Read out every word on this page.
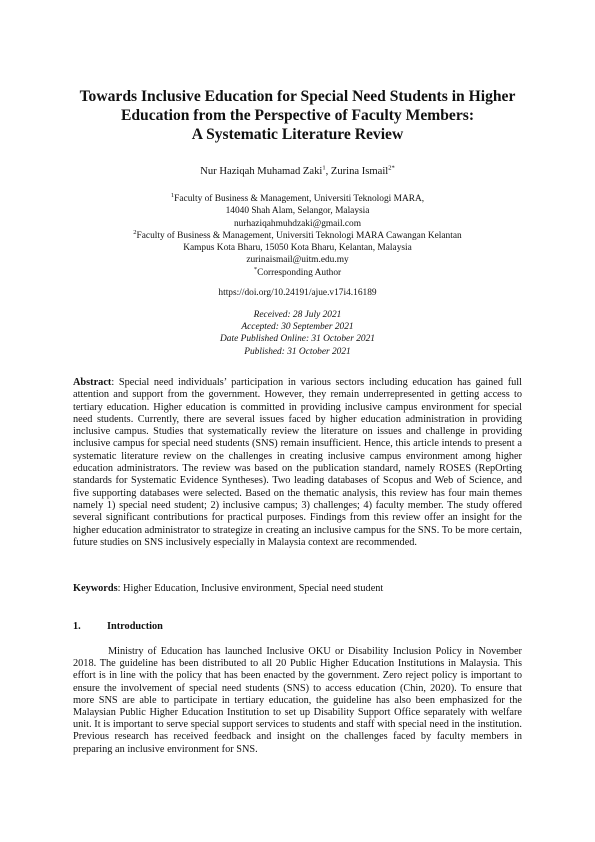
Towards Inclusive Education for Special Need Students in Higher
Education from the Perspective of Faculty Members:
A Systematic Literature Review
Nur Haziqah Muhamad Zaki$^1$, Zurina Ismail$^{2*}$
$^1$Faculty of Business & Management, Universiti Teknologi MARA,
14040 Shah Alam, Selangor, Malaysia
nurhaziqahmuhdzaki@gmail.com
$^2$Faculty of Business & Management, Universiti Teknologi MARA Cawangan Kelantan
Kampus Kota Bharu, 15050 Kota Bharu, Kelantan, Malaysia
zurinaismail@uitm.edu.my
*Corresponding Author
https://doi.org/10.24191/ajue.v17i4.16189
Received: 28 July 2021
Accepted: 30 September 2021
Date Published Online: 31 October 2021
Published: 31 October 2021

Abstract: Special need individuals’ participation in various sectors including education has gained full attention and support from the government. However, they remain underrepresented in getting access to tertiary education. Higher education is committed in providing inclusive campus environment for special need students. Currently, there are several issues faced by higher education administration in providing inclusive campus. Studies that systematically review the literature on issues and challenge in providing inclusive campus for special need students (SNS) remain insufficient. Hence, this article intends to present a systematic literature review on the challenges in creating inclusive campus environment among higher education administrators. The review was based on the publication standard, namely ROSES (RepOrting standards for Systematic Evidence Syntheses). Two leading databases of Scopus and Web of Science, and five supporting databases were selected. Based on the thematic analysis, this review has four main themes namely 1) special need student; 2) inclusive campus; 3) challenges; 4) faculty member. The study offered several significant contributions for practical purposes. Findings from this review offer an insight for the higher education administrator to strategize in creating an inclusive campus for the SNS. To be more certain, future studies on SNS inclusively especially in Malaysia context are recommended.

Keywords: Higher Education, Inclusive environment, Special need student

1.	Introduction

Ministry of Education has launched Inclusive OKU or Disability Inclusion Policy in November 2018. The guideline has been distributed to all 20 Public Higher Education Institutions in Malaysia. This effort is in line with the policy that has been enacted by the government. Zero reject policy is important to ensure the involvement of special need students (SNS) to access education (Chin, 2020). To ensure that more SNS are able to participate in tertiary education, the guideline has also been emphasized for the Malaysian Public Higher Education Institution to set up Disability Support Office separately with welfare unit. It is important to serve special support services to students and staff with special need in the institution. Previous research has received feedback and insight on the challenges faced by faculty members in preparing an inclusive environment for SNS.
